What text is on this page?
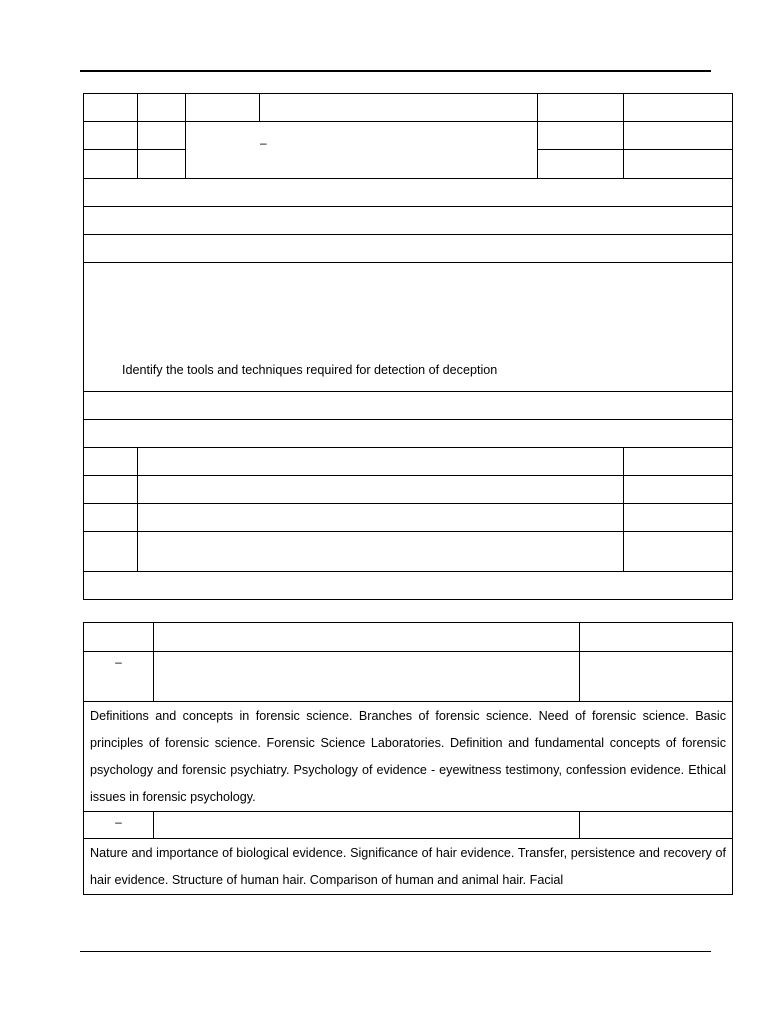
		–			

Identify the tools and techniques required for detection of deception					

–		

Definitions and concepts in forensic science. Branches of forensic science. Need of forensic science. Basic principles of forensic science. Forensic Science Laboratories. Definition and fundamental concepts of forensic psychology and forensic psychiatry. Psychology of evidence - eyewitness testimony, confession evidence. Ethical issues in forensic psychology.		

–		

Nature and importance of biological evidence. Significance of hair evidence. Transfer, persistence and recovery of hair evidence. Structure of human hair. Comparison of human and animal hair. Facial		
